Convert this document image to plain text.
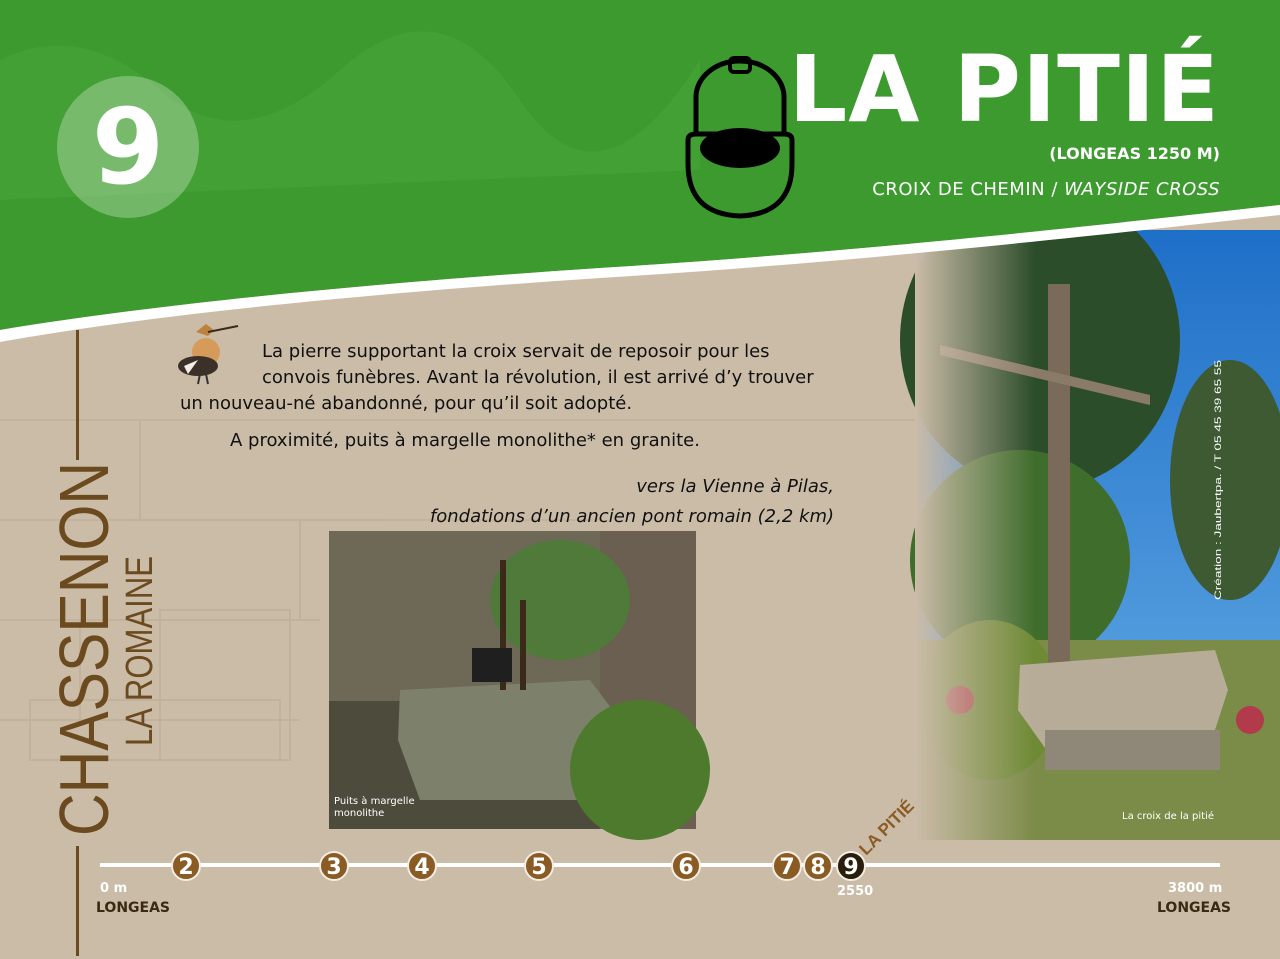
9	LA PITIÉ
(LONGEAS 1250 M)
CROIX DE CHEMIN / WAYSIDE CROSS
La pierre supportant la croix servait de reposoir pour les
convois funèbres. Avant la révolution, il est arrivé d’y trouver
un nouveau-né abandonné, pour qu’il soit adopté.
A proximité, puits à margelle monolithe* en granite.
vers la Vienne à Pilas,
fondations d’un ancien pont romain (2,2 km)
CHASSENON
LA ROMAINE
Puits à margelle monolithe	La croix de la pitié
Création : Jaubertpa. / T 05 45 39 65 55
2	3	4	5	6	7 8 9
LA PITIÉ
0 m
LONGEAS
2550	3800 m
LONGEAS
